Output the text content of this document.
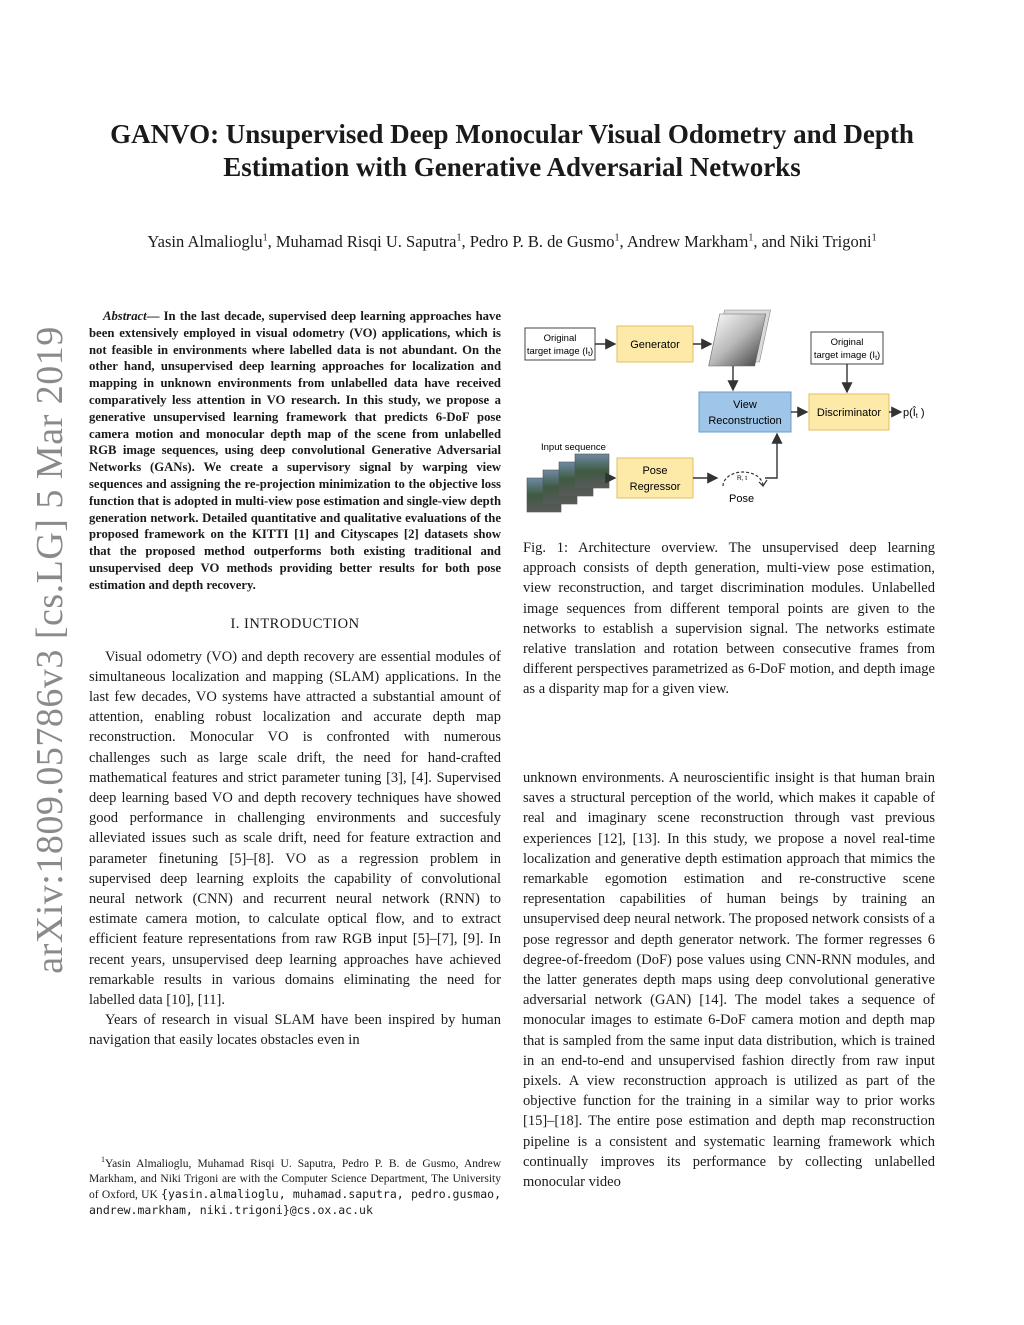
arXiv:1809.05786v3 [cs.LG] 5 Mar 2019
GANVO: Unsupervised Deep Monocular Visual Odometry and Depth Estimation with Generative Adversarial Networks
Yasin Almalioglu$^1$, Muhamad Risqi U. Saputra$^1$, Pedro P. B. de Gusmo$^1$, Andrew Markham$^1$, and Niki Trigoni$^1$

Abstract— In the last decade, supervised deep learning approaches have been extensively employed in visual odometry (VO) applications, which is not feasible in environments where labelled data is not abundant. On the other hand, unsupervised deep learning approaches for localization and mapping in unknown environments from unlabelled data have received comparatively less attention in VO research. In this study, we propose a generative unsupervised learning framework that predicts 6-DoF pose camera motion and monocular depth map of the scene from unlabelled RGB image sequences, using deep convolutional Generative Adversarial Networks (GANs). We create a supervisory signal by warping view sequences and assigning the re-projection minimization to the objective loss function that is adopted in multi-view pose estimation and single-view depth generation network. Detailed quantitative and qualitative evaluations of the proposed framework on the KITTI [1] and Cityscapes [2] datasets show that the proposed method outperforms both existing traditional and unsupervised deep VO methods providing better results for both pose estimation and depth recovery.

I. INTRODUCTION

Visual odometry (VO) and depth recovery are essential modules of simultaneous localization and mapping (SLAM) applications. In the last few decades, VO systems have attracted a substantial amount of attention, enabling robust localization and accurate depth map reconstruction. Monocular VO is confronted with numerous challenges such as large scale drift, the need for hand-crafted mathematical features and strict parameter tuning [3], [4]. Supervised deep learning based VO and depth recovery techniques have showed good performance in challenging environments and succesfuly alleviated issues such as scale drift, need for feature extraction and parameter finetuning [5]–[8]. VO as a regression problem in supervised deep learning exploits the capability of convolutional neural network (CNN) and recurrent neural network (RNN) to estimate camera motion, to calculate optical flow, and to extract efficient feature representations from raw RGB input [5]–[7], [9]. In recent years, unsupervised deep learning approaches have achieved remarkable results in various domains eliminating the need for labelled data [10], [11].

Years of research in visual SLAM have been inspired by human navigation that easily locates obstacles even in

$^1$Yasin Almalioglu, Muhamad Risqi U. Saputra, Pedro P. B. de Gusmo, Andrew Markham, and Niki Trigoni are with the Computer Science Department, The University of Oxford, UK {yasin.almalioglu, muhamad.saputra, pedro.gusmao, andrew.markham, niki.trigoni}@cs.ox.ac.uk
Original
target image $(I_t)$
Generator
View
Reconstruction
Original
target image $(I_t)$
Discriminator p(Ît )
Input sequence
Pose
Regressor
R, t
Pose
Fig. 1: Architecture overview. The unsupervised deep learning approach consists of depth generation, multi-view pose estimation, view reconstruction, and target discrimination modules. Unlabelled image sequences from different temporal points are given to the networks to establish a supervision signal. The networks estimate relative translation and rotation between consecutive frames from different perspectives parametrized as 6-DoF motion, and depth image as a disparity map for a given view.

unknown environments. A neuroscientific insight is that human brain saves a structural perception of the world, which makes it capable of real and imaginary scene reconstruction through vast previous experiences [12], [13]. In this study, we propose a novel real-time localization and generative depth estimation approach that mimics the remarkable egomotion estimation and re-constructive scene representation capabilities of human beings by training an unsupervised deep neural network. The proposed network consists of a pose regressor and depth generator network. The former regresses 6 degree-of-freedom (DoF) pose values using CNN-RNN modules, and the latter generates depth maps using deep convolutional generative adversarial network (GAN) [14]. The model takes a sequence of monocular images to estimate 6-DoF camera motion and depth map that is sampled from the same input data distribution, which is trained in an end-to-end and unsupervised fashion directly from raw input pixels. A view reconstruction approach is utilized as part of the objective function for the training in a similar way to prior works [15]–[18]. The entire pose estimation and depth map reconstruction pipeline is a consistent and systematic learning framework which continually improves its performance by collecting unlabelled monocular video
